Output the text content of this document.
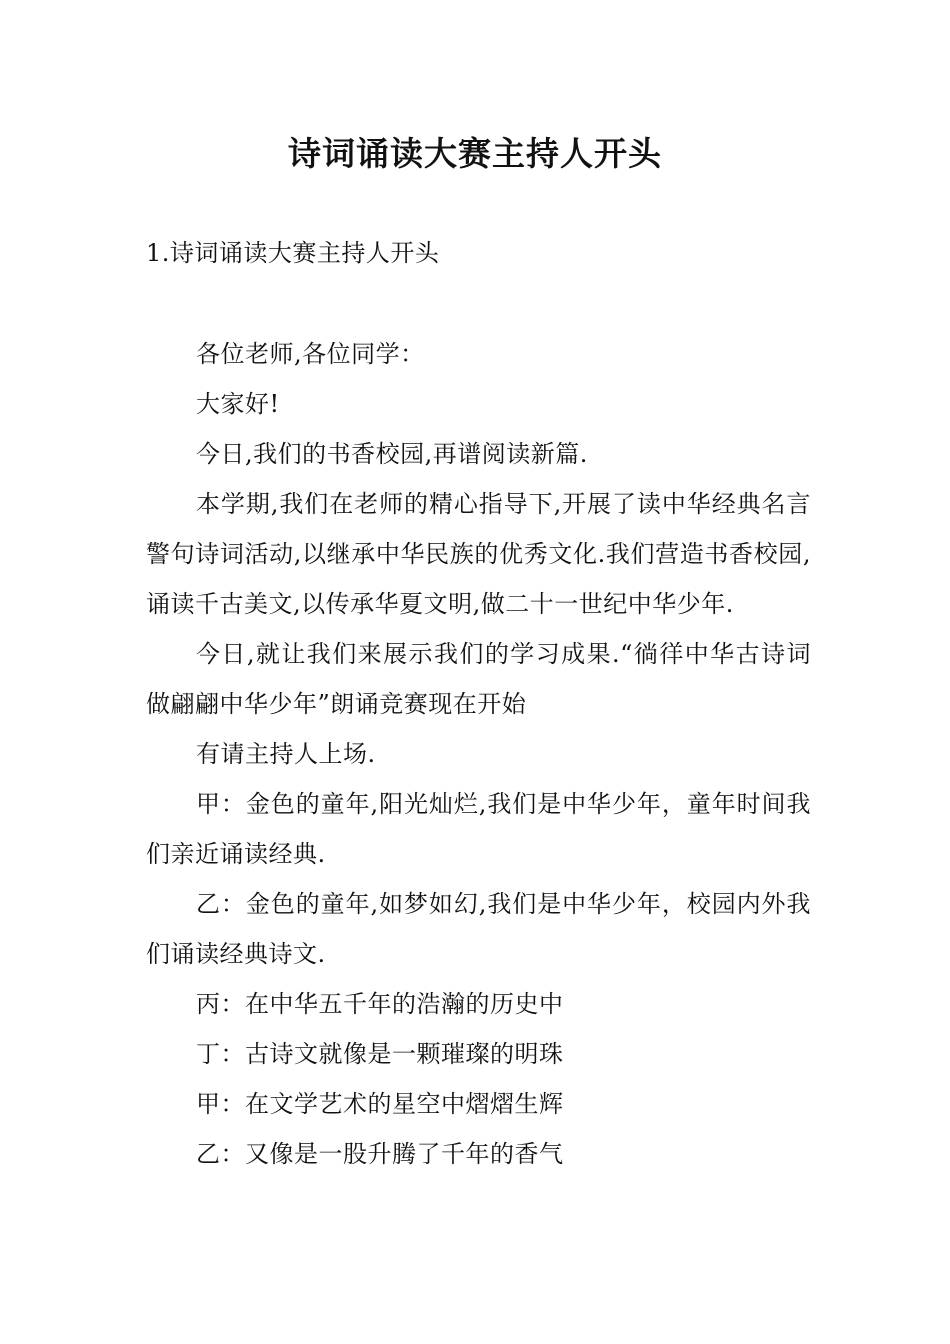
诗词诵读大赛主持人开头
1.诗词诵读大赛主持人开头

各位老师,各位同学：

大家好!

今日,我们的书香校园,再谱阅读新篇.

本学期,我们在老师的精心指导下,开展了读中华经典名言警句诗词活动,以继承中华民族的优秀文化.我们营造书香校园,诵读千古美文,以传承华夏文明,做二十一世纪中华少年.

今日,就让我们来展示我们的学习成果.“徜徉中华古诗词做翩翩中华少年”朗诵竞赛现在开始

有请主持人上场.

甲：金色的童年,阳光灿烂,我们是中华少年，童年时间我们亲近诵读经典.

乙：金色的童年,如梦如幻,我们是中华少年，校园内外我们诵读经典诗文.

丙：在中华五千年的浩瀚的历史中

丁：古诗文就像是一颗璀璨的明珠

甲：在文学艺术的星空中熠熠生辉

乙：又像是一股升腾了千年的香气
